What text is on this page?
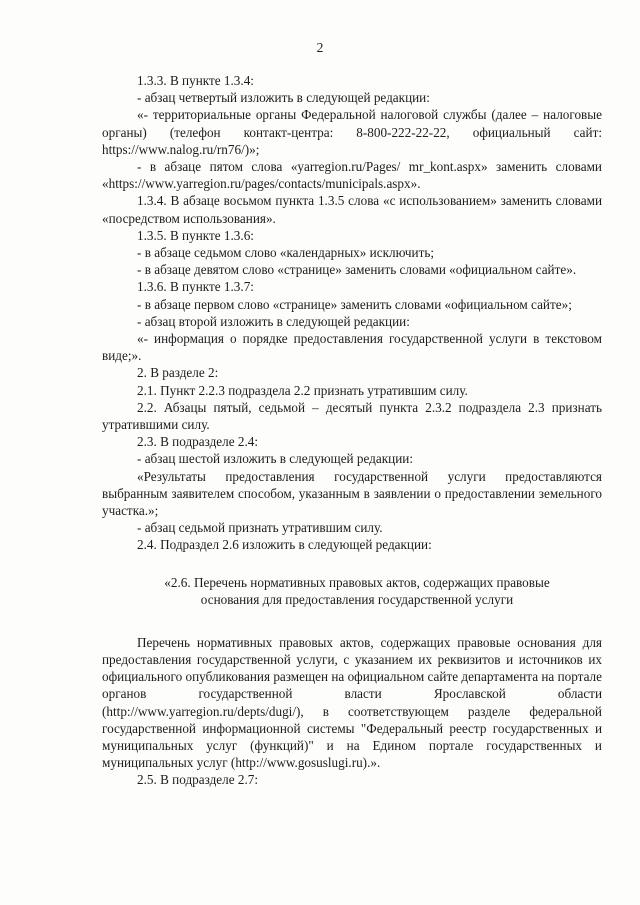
2

1.3.3. В пункте 1.3.4:

- абзац четвертый изложить в следующей редакции:

«- территориальные органы Федеральной налоговой службы (далее – налоговые органы) (телефон контакт-центра: 8-800-222-22-22, официальный сайт: https://www.nalog.ru/rn76/)»;

- в абзаце пятом слова «yarregion.ru/Pages/ mr_kont.aspx» заменить словами «https://www.yarregion.ru/pages/contacts/municipals.aspx».

1.3.4. В абзаце восьмом пункта 1.3.5 слова «с использованием» заменить словами «посредством использования».

1.3.5. В пункте 1.3.6:

- в абзаце седьмом слово «календарных» исключить;

- в абзаце девятом слово «странице» заменить словами «официальном сайте».

1.3.6. В пункте 1.3.7:

- в абзаце первом слово «странице» заменить словами «официальном сайте»;

- абзац второй изложить в следующей редакции:

«- информация о порядке предоставления государственной услуги в текстовом виде;».

2. В разделе 2:

2.1. Пункт 2.2.3 подраздела 2.2 признать утратившим силу.

2.2. Абзацы пятый, седьмой – десятый пункта 2.3.2 подраздела 2.3 признать утратившими силу.

2.3. В подразделе 2.4:

- абзац шестой изложить в следующей редакции:

«Результаты предоставления государственной услуги предоставляются выбранным заявителем способом, указанным в заявлении о предоставлении земельного участка.»;

- абзац седьмой признать утратившим силу.

2.4. Подраздел 2.6 изложить в следующей редакции:

«2.6. Перечень нормативных правовых актов, содержащих правовые
основания для предоставления государственной услуги

Перечень нормативных правовых актов, содержащих правовые основания для предоставления государственной услуги, с указанием их реквизитов и источников их официального опубликования размещен на официальном сайте департамента на портале органов государственной власти Ярославской области (http://www.yarregion.ru/depts/dugi/), в соответствующем разделе федеральной государственной информационной системы "Федеральный реестр государственных и муниципальных услуг (функций)" и на Едином портале государственных и муниципальных услуг (http://www.gosuslugi.ru).».

2.5. В подразделе 2.7:
